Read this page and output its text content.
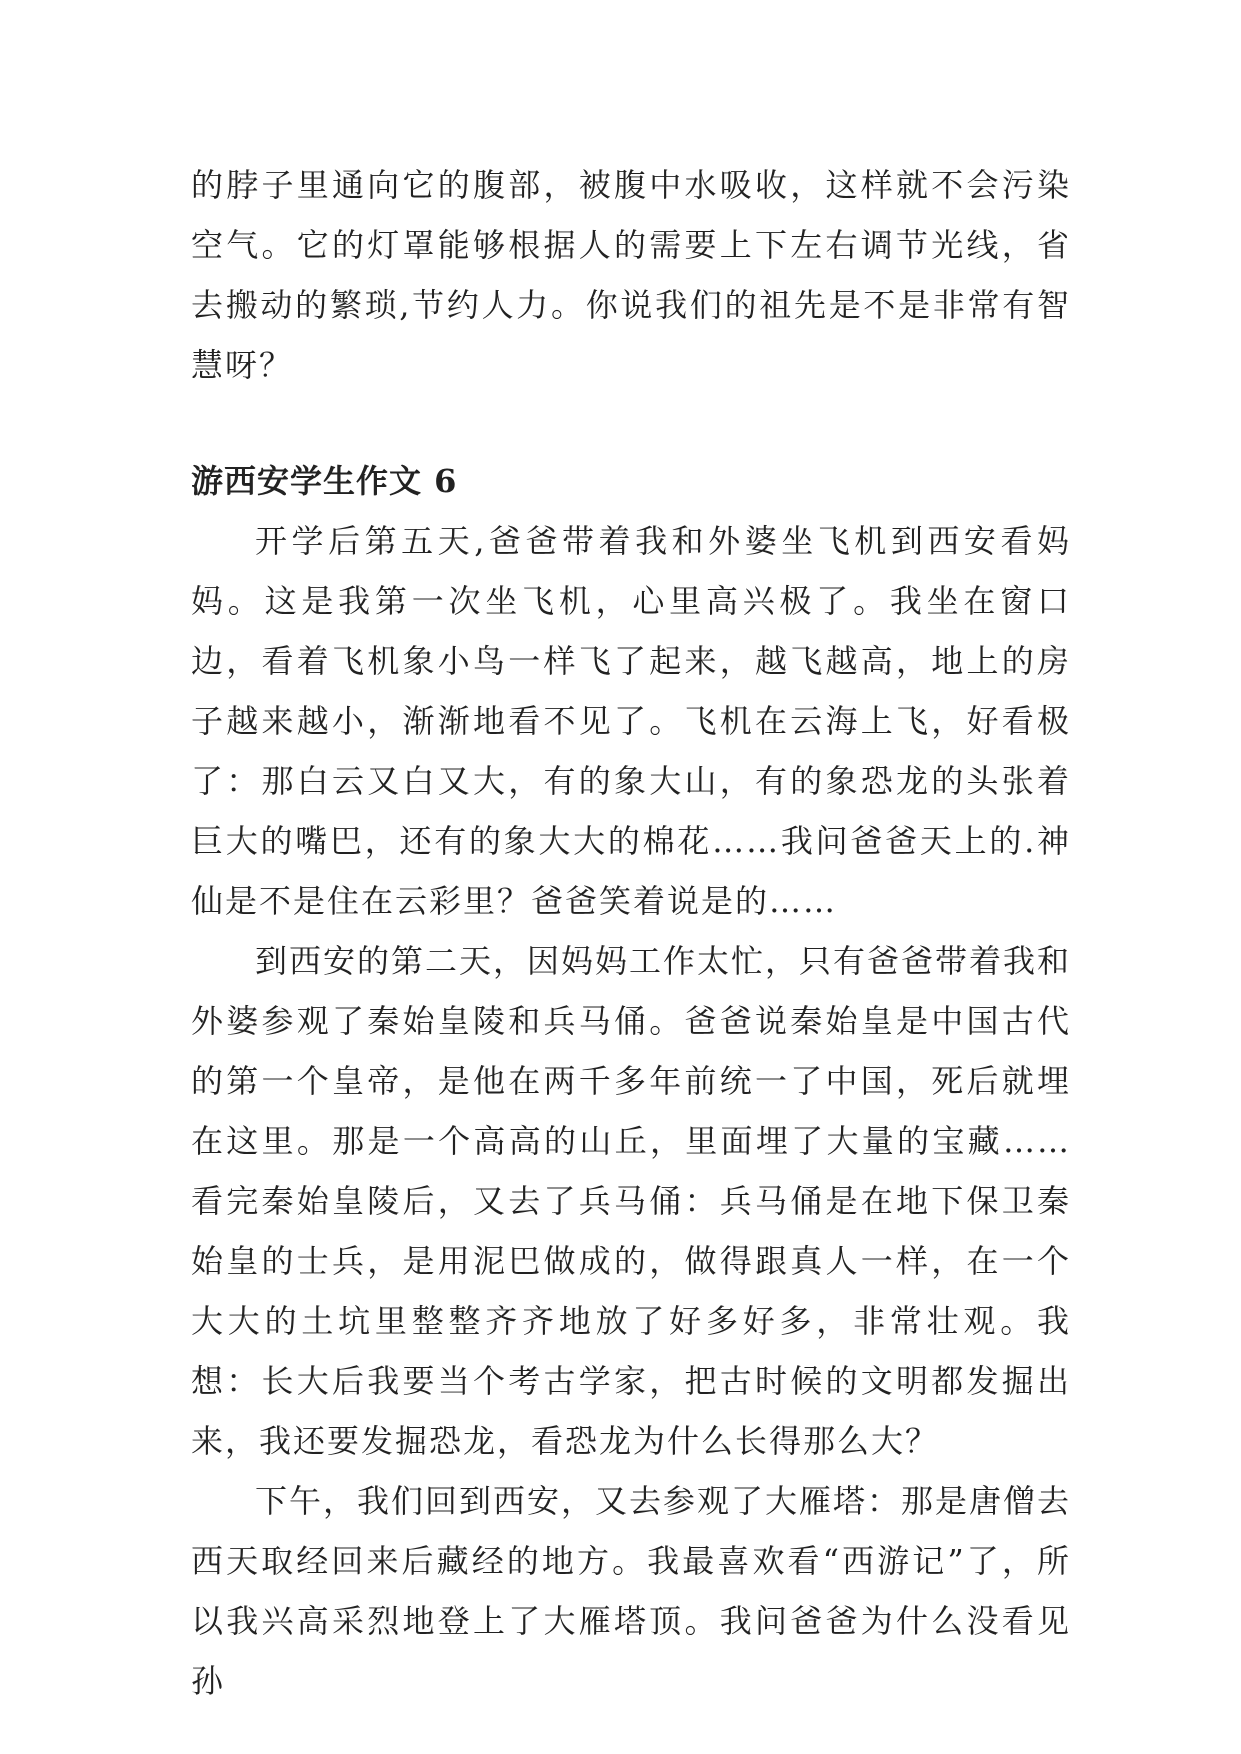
的脖子里通向它的腹部，被腹中水吸收，这样就不会污染空气。它的灯罩能够根据人的需要上下左右调节光线，省去搬动的繁琐,节约人力。你说我们的祖先是不是非常有智慧呀？

游西安学生作文 6

开学后第五天,爸爸带着我和外婆坐飞机到西安看妈妈。这是我第一次坐飞机，心里高兴极了。我坐在窗口边，看着飞机象小鸟一样飞了起来，越飞越高，地上的房子越来越小，渐渐地看不见了。飞机在云海上飞，好看极了：那白云又白又大，有的象大山，有的象恐龙的头张着巨大的嘴巴，还有的象大大的棉花……我问爸爸天上的.神仙是不是住在云彩里？爸爸笑着说是的……

到西安的第二天，因妈妈工作太忙，只有爸爸带着我和外婆参观了秦始皇陵和兵马俑。爸爸说秦始皇是中国古代的第一个皇帝，是他在两千多年前统一了中国，死后就埋在这里。那是一个高高的山丘，里面埋了大量的宝藏……看完秦始皇陵后，又去了兵马俑：兵马俑是在地下保卫秦始皇的士兵，是用泥巴做成的，做得跟真人一样，在一个大大的土坑里整整齐齐地放了好多好多，非常壮观。我想：长大后我要当个考古学家，把古时候的文明都发掘出来，我还要发掘恐龙，看恐龙为什么长得那么大？

下午，我们回到西安，又去参观了大雁塔：那是唐僧去西天取经回来后藏经的地方。我最喜欢看“西游记”了，所以我兴高采烈地登上了大雁塔顶。我问爸爸为什么没看见孙
